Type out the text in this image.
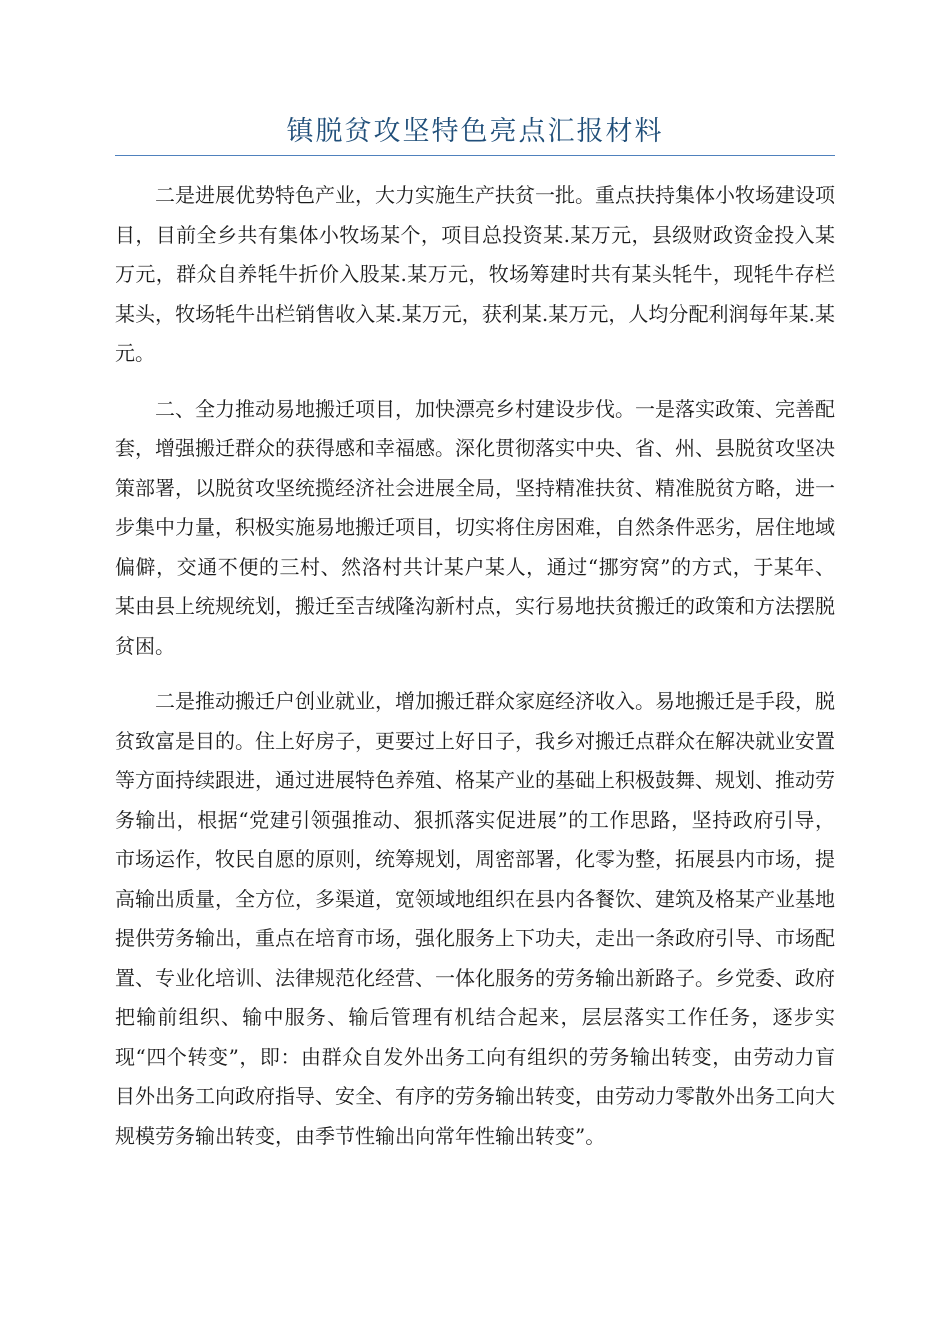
镇脱贫攻坚特色亮点汇报材料

二是进展优势特色产业，大力实施生产扶贫一批。重点扶持集体小牧场建设项目，目前全乡共有集体小牧场某个，项目总投资某.某万元，县级财政资金投入某万元，群众自养牦牛折价入股某.某万元，牧场筹建时共有某头牦牛，现牦牛存栏某头，牧场牦牛出栏销售收入某.某万元，获利某.某万元，人均分配利润每年某.某元。

二、全力推动易地搬迁项目，加快漂亮乡村建设步伐。一是落实政策、完善配套，增强搬迁群众的获得感和幸福感。深化贯彻落实中央、省、州、县脱贫攻坚决策部署，以脱贫攻坚统揽经济社会进展全局，坚持精准扶贫、精准脱贫方略，进一步集中力量，积极实施易地搬迁项目，切实将住房困难，自然条件恶劣，居住地域偏僻，交通不便的三村、然洛村共计某户某人，通过“挪穷窝”的方式，于某年、某由县上统规统划，搬迁至吉绒隆沟新村点，实行易地扶贫搬迁的政策和方法摆脱贫困。

二是推动搬迁户创业就业，增加搬迁群众家庭经济收入。易地搬迁是手段，脱贫致富是目的。住上好房子，更要过上好日子，我乡对搬迁点群众在解决就业安置等方面持续跟进，通过进展特色养殖、格某产业的基础上积极鼓舞、规划、推动劳务输出，根据“党建引领强推动、狠抓落实促进展”的工作思路，坚持政府引导，市场运作，牧民自愿的原则，统筹规划，周密部署，化零为整，拓展县内市场，提高输出质量，全方位，多渠道，宽领域地组织在县内各餐饮、建筑及格某产业基地提供劳务输出，重点在培育市场，强化服务上下功夫，走出一条政府引导、市场配置、专业化培训、法律规范化经营、一体化服务的劳务输出新路子。乡党委、政府把输前组织、输中服务、输后管理有机结合起来，层层落实工作任务，逐步实现“四个转变”，即：由群众自发外出务工向有组织的劳务输出转变，由劳动力盲目外出务工向政府指导、安全、有序的劳务输出转变，由劳动力零散外出务工向大规模劳务输出转变，由季节性输出向常年性输出转变”。
